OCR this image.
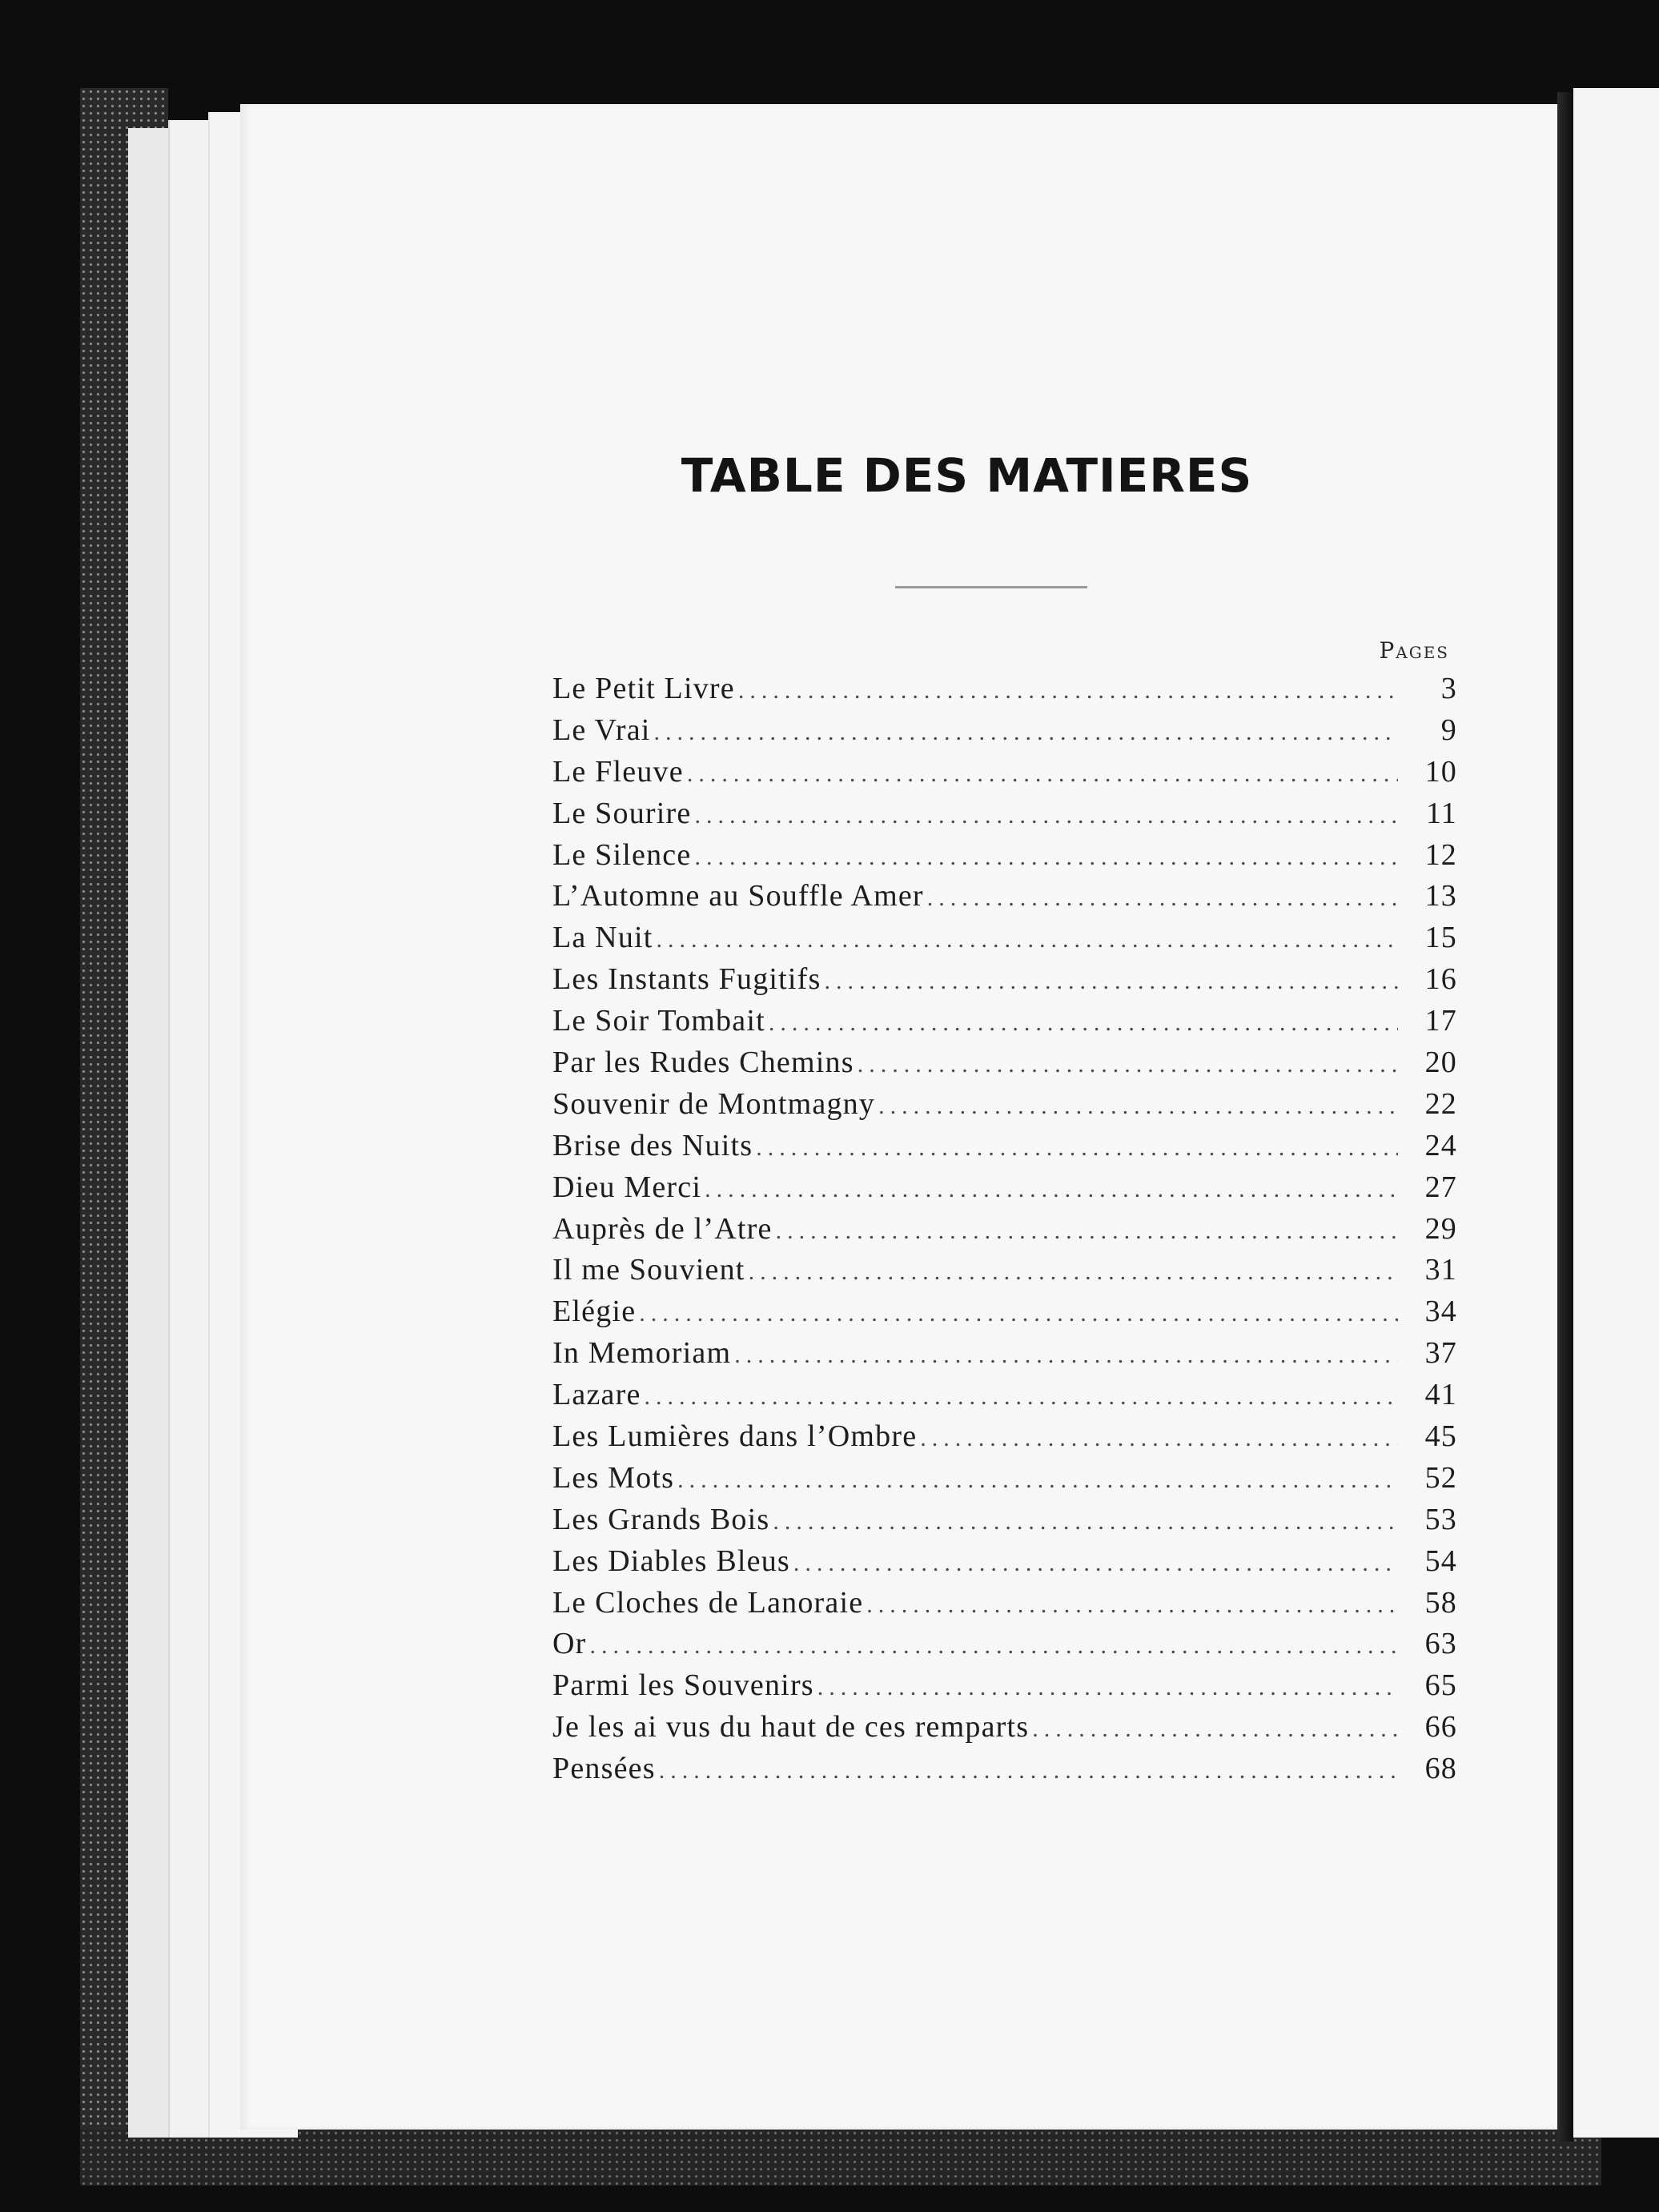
TABLE DES MATIERES
Pages
Le Petit Livre .....	3
Le Vrai .....	9
Le Fleuve .....	10
Le Sourire .....	11
Le Silence .....	12
L’Automne au Souffle Amer .....	13
La Nuit .....	15
Les Instants Fugitifs .....	16
Le Soir Tombait .....	17
Par les Rudes Chemins .....	20
Souvenir de Montmagny .....	22
Brise des Nuits .....	24
Dieu Merci .....	27
Auprès de l’Atre .....	29
Il me Souvient .....	31
Elégie .....	34
In Memoriam .....	37
Lazare .....	41
Les Lumières dans l’Ombre .....	45
Les Mots .....	52
Les Grands Bois .....	53
Les Diables Bleus .....	54
Le Cloches de Lanoraie .....	58
Or .....	63
Parmi les Souvenirs .....	65
Je les ai vus du haut de ces remparts .....	66
Pensées .....	68
